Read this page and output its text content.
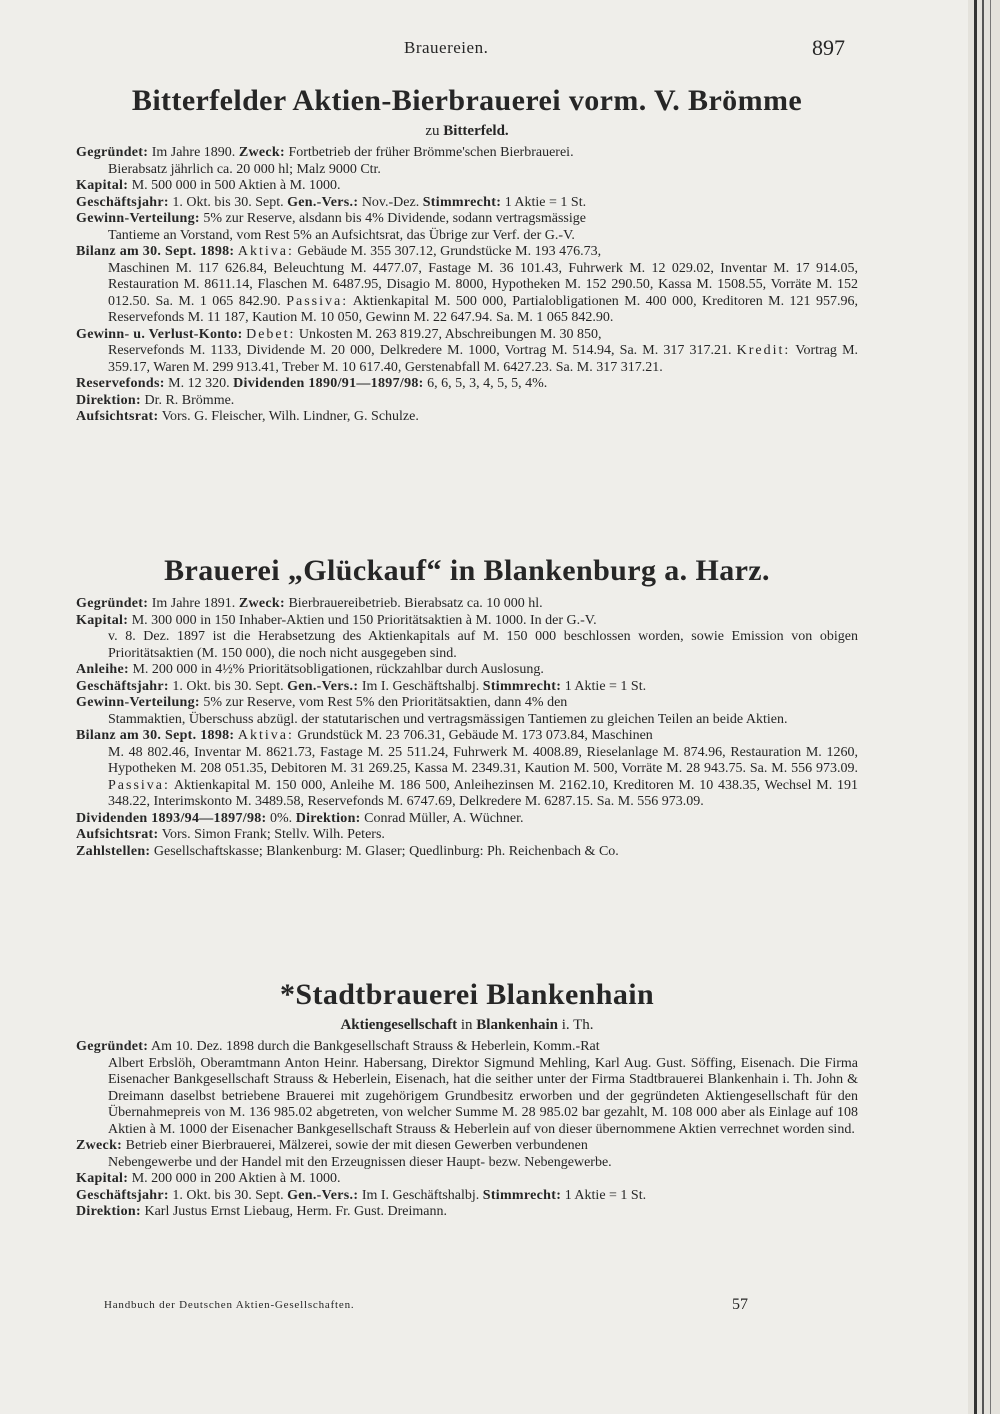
Brauereien.	897
Bitterfelder Aktien-Bierbrauerei vorm. V. Brömme

zu Bitterfeld.

Gegründet: Im Jahre 1890. Zweck: Fortbetrieb der früher Brömme'schen Bierbrauerei.
Bierabsatz jährlich ca. 20 000 hl; Malz 9000 Ctr.

Kapital: M. 500 000 in 500 Aktien à M. 1000.

Geschäftsjahr: 1. Okt. bis 30. Sept. Gen.-Vers.: Nov.-Dez. Stimmrecht: 1 Aktie = 1 St.

Gewinn-Verteilung: 5% zur Reserve, alsdann bis 4% Dividende, sodann vertragsmässige
Tantieme an Vorstand, vom Rest 5% an Aufsichtsrat, das Übrige zur Verf. der G.-V.

Bilanz am 30. Sept. 1898: Aktiva: Gebäude M. 355 307.12, Grundstücke M. 193 476.73,
Maschinen M. 117 626.84, Beleuchtung M. 4477.07, Fastage M. 36 101.43, Fuhrwerk M. 12 029.02, Inventar M. 17 914.05, Restauration M. 8611.14, Flaschen M. 6487.95, Disagio M. 8000, Hypotheken M. 152 290.50, Kassa M. 1508.55, Vorräte M. 152 012.50. Sa. M. 1 065 842.90. Passiva: Aktienkapital M. 500 000, Partialobligationen M. 400 000, Kreditoren M. 121 957.96, Reservefonds M. 11 187, Kaution M. 10 050, Gewinn M. 22 647.94. Sa. M. 1 065 842.90.

Gewinn- u. Verlust-Konto: Debet: Unkosten M. 263 819.27, Abschreibungen M. 30 850,
Reservefonds M. 1133, Dividende M. 20 000, Delkredere M. 1000, Vortrag M. 514.94, Sa. M. 317 317.21. Kredit: Vortrag M. 359.17, Waren M. 299 913.41, Treber M. 10 617.40, Gerstenabfall M. 6427.23. Sa. M. 317 317.21.

Reservefonds: M. 12 320. Dividenden 1890/91—1897/98: 6, 6, 5, 3, 4, 5, 5, 4%.

Direktion: Dr. R. Brömme.

Aufsichtsrat: Vors. G. Fleischer, Wilh. Lindner, G. Schulze.

Brauerei „Glückauf“ in Blankenburg a. Harz.

Gegründet: Im Jahre 1891. Zweck: Bierbrauereibetrieb. Bierabsatz ca. 10 000 hl.

Kapital: M. 300 000 in 150 Inhaber-Aktien und 150 Prioritätsaktien à M. 1000. In der G.-V.
v. 8. Dez. 1897 ist die Herabsetzung des Aktienkapitals auf M. 150 000 beschlossen worden, sowie Emission von obigen Prioritätsaktien (M. 150 000), die noch nicht ausgegeben sind.

Anleihe: M. 200 000 in 4½% Prioritätsobligationen, rückzahlbar durch Auslosung.

Geschäftsjahr: 1. Okt. bis 30. Sept. Gen.-Vers.: Im I. Geschäftshalbj. Stimmrecht: 1 Aktie = 1 St.

Gewinn-Verteilung: 5% zur Reserve, vom Rest 5% den Prioritätsaktien, dann 4% den
Stammaktien, Überschuss abzügl. der statutarischen und vertragsmässigen Tantiemen zu gleichen Teilen an beide Aktien.

Bilanz am 30. Sept. 1898: Aktiva: Grundstück M. 23 706.31, Gebäude M. 173 073.84, Maschinen
M. 48 802.46, Inventar M. 8621.73, Fastage M. 25 511.24, Fuhrwerk M. 4008.89, Rieselanlage M. 874.96, Restauration M. 1260, Hypotheken M. 208 051.35, Debitoren M. 31 269.25, Kassa M. 2349.31, Kaution M. 500, Vorräte M. 28 943.75. Sa. M. 556 973.09. Passiva: Aktienkapital M. 150 000, Anleihe M. 186 500, Anleihezinsen M. 2162.10, Kreditoren M. 10 438.35, Wechsel M. 191 348.22, Interimskonto M. 3489.58, Reservefonds M. 6747.69, Delkredere M. 6287.15. Sa. M. 556 973.09.

Dividenden 1893/94—1897/98: 0%. Direktion: Conrad Müller, A. Wüchner.

Aufsichtsrat: Vors. Simon Frank; Stellv. Wilh. Peters.

Zahlstellen: Gesellschaftskasse; Blankenburg: M. Glaser; Quedlinburg: Ph. Reichenbach & Co.

*Stadtbrauerei Blankenhain

Aktiengesellschaft in Blankenhain i. Th.

Gegründet: Am 10. Dez. 1898 durch die Bankgesellschaft Strauss & Heberlein, Komm.-Rat
Albert Erbslöh, Oberamtmann Anton Heinr. Habersang, Direktor Sigmund Mehling, Karl Aug. Gust. Söffing, Eisenach. Die Firma Eisenacher Bankgesellschaft Strauss & Heberlein, Eisenach, hat die seither unter der Firma Stadtbrauerei Blankenhain i. Th. John & Dreimann daselbst betriebene Brauerei mit zugehörigem Grundbesitz erworben und der gegründeten Aktiengesellschaft für den Übernahmepreis von M. 136 985.02 abgetreten, von welcher Summe M. 28 985.02 bar gezahlt, M. 108 000 aber als Einlage auf 108 Aktien à M. 1000 der Eisenacher Bankgesellschaft Strauss & Heberlein auf von dieser übernommene Aktien verrechnet worden sind.

Zweck: Betrieb einer Bierbrauerei, Mälzerei, sowie der mit diesen Gewerben verbundenen
Nebengewerbe und der Handel mit den Erzeugnissen dieser Haupt- bezw. Nebengewerbe.

Kapital: M. 200 000 in 200 Aktien à M. 1000.

Geschäftsjahr: 1. Okt. bis 30. Sept. Gen.-Vers.: Im I. Geschäftshalbj. Stimmrecht: 1 Aktie = 1 St.

Direktion: Karl Justus Ernst Liebaug, Herm. Fr. Gust. Dreimann.

Handbuch der Deutschen Aktien-Gesellschaften.	57
